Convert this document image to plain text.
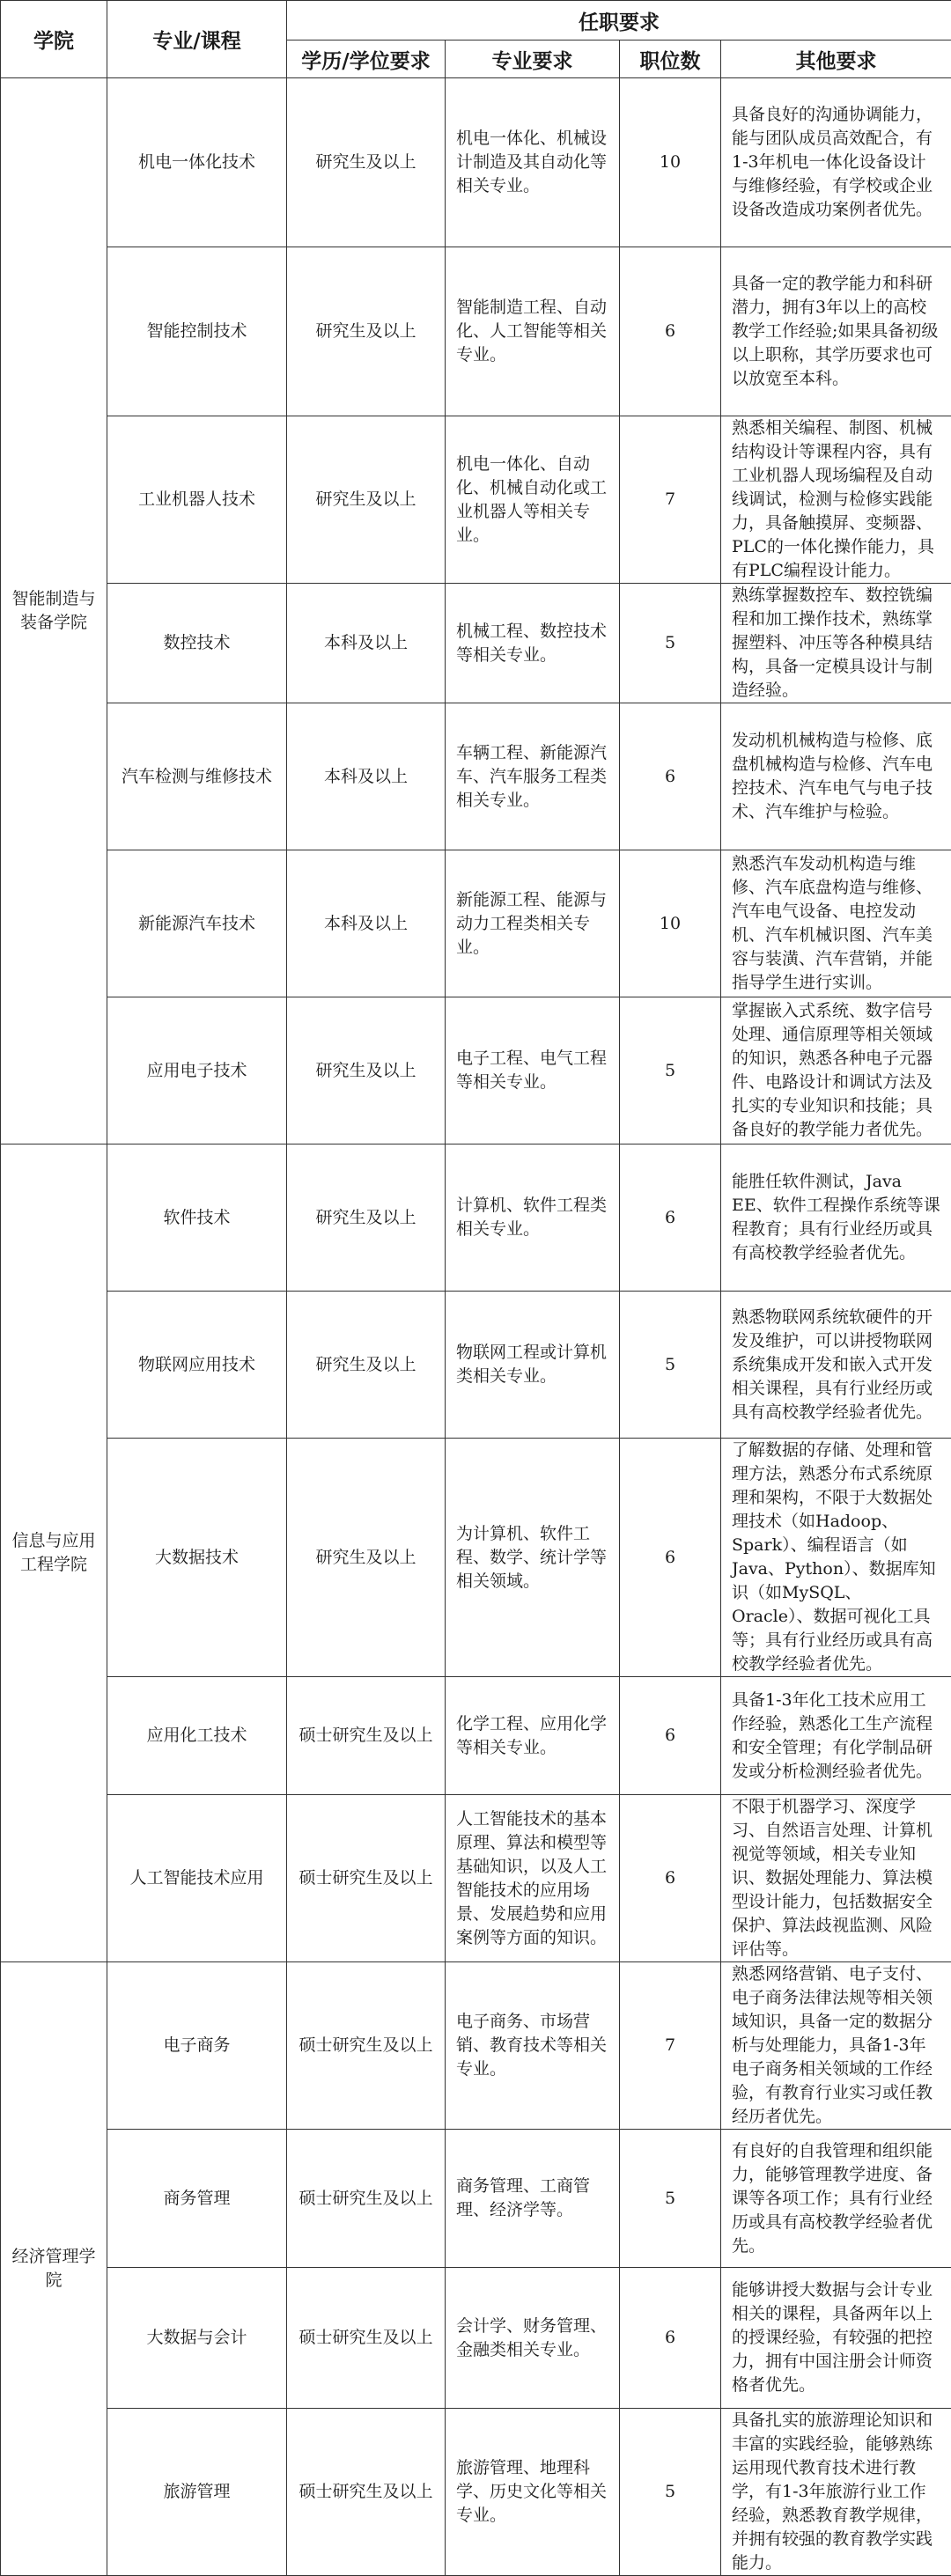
学院	专业/课程	任职要求			
		学历/学位要求	专业要求	职位数	其他要求
智能制造与装备学院	机电一体化技术	研究生及以上	机电一体化、机械设计制造及其自动化等相关专业。	10	具备良好的沟通协调能力，能与团队成员高效配合，有1-3年机电一体化设备设计与维修经验，有学校或企业设备改造成功案例者优先。
	智能控制技术	研究生及以上	智能制造工程、自动化、人工智能等相关专业。	6	具备一定的教学能力和科研潜力，拥有3年以上的高校教学工作经验;如果具备初级以上职称，其学历要求也可以放宽至本科。
	工业机器人技术	研究生及以上	机电一体化、自动化、机械自动化或工业机器人等相关专业。	7	熟悉相关编程、制图、机械结构设计等课程内容，具有工业机器人现场编程及自动线调试，检测与检修实践能力，具备触摸屏、变频器、PLC的一体化操作能力，具有PLC编程设计能力。
	数控技术	本科及以上	机械工程、数控技术等相关专业。	5	熟练掌握数控车、数控铣编程和加工操作技术，熟练掌握塑料、冲压等各种模具结构，具备一定模具设计与制造经验。
	汽车检测与维修技术	本科及以上	车辆工程、新能源汽车、汽车服务工程类相关专业。	6	发动机机械构造与检修、底盘机械构造与检修、汽车电控技术、汽车电气与电子技术、汽车维护与检验。
	新能源汽车技术	本科及以上	新能源工程、能源与动力工程类相关专业。	10	熟悉汽车发动机构造与维修、汽车底盘构造与维修、汽车电气设备、电控发动机、汽车机械识图、汽车美容与装潢、汽车营销，并能指导学生进行实训。
	应用电子技术	研究生及以上	电子工程、电气工程等相关专业。	5	掌握嵌入式系统、数字信号处理、通信原理等相关领域的知识，熟悉各种电子元器件、电路设计和调试方法及扎实的专业知识和技能；具备良好的教学能力者优先。
信息与应用工程学院	软件技术	研究生及以上	计算机、软件工程类相关专业。	6	能胜任软件测试，Java EE、软件工程操作系统等课程教育；具有行业经历或具有高校教学经验者优先。
	物联网应用技术	研究生及以上	物联网工程或计算机类相关专业。	5	熟悉物联网系统软硬件的开发及维护，可以讲授物联网系统集成开发和嵌入式开发相关课程，具有行业经历或具有高校教学经验者优先。
	大数据技术	研究生及以上	为计算机、软件工程、数学、统计学等相关领域。	6	了解数据的存储、处理和管理方法，熟悉分布式系统原理和架构，不限于大数据处理技术（如Hadoop、Spark）、编程语言（如Java、Python）、数据库知识（如MySQL、Oracle）、数据可视化工具等；具有行业经历或具有高校教学经验者优先。
	应用化工技术	硕士研究生及以上	化学工程、应用化学等相关专业。	6	具备1-3年化工技术应用工作经验，熟悉化工生产流程和安全管理；有化学制品研发或分析检测经验者优先。
	人工智能技术应用	硕士研究生及以上	人工智能技术的基本原理、算法和模型等基础知识，以及人工智能技术的应用场景、发展趋势和应用案例等方面的知识。	6	不限于机器学习、深度学习、自然语言处理、计算机视觉等领域，相关专业知识、数据处理能力、算法模型设计能力，包括数据安全保护、算法歧视监测、风险评估等。
经济管理学院	电子商务	硕士研究生及以上	电子商务、市场营销、教育技术等相关专业。	7	熟悉网络营销、电子支付、电子商务法律法规等相关领域知识，具备一定的数据分析与处理能力，具备1-3年电子商务相关领域的工作经验，有教育行业实习或任教经历者优先。
	商务管理	硕士研究生及以上	商务管理、工商管理、经济学等。	5	有良好的自我管理和组织能力，能够管理教学进度、备课等各项工作；具有行业经历或具有高校教学经验者优先。
	大数据与会计	硕士研究生及以上	会计学、财务管理、金融类相关专业。	6	能够讲授大数据与会计专业相关的课程，具备两年以上的授课经验，有较强的把控力，拥有中国注册会计师资格者优先。
	旅游管理	硕士研究生及以上	旅游管理、地理科学、历史文化等相关专业。	5	具备扎实的旅游理论知识和丰富的实践经验，能够熟练运用现代教育技术进行教学，有1-3年旅游行业工作经验，熟悉教育教学规律，并拥有较强的教育教学实践能力。
